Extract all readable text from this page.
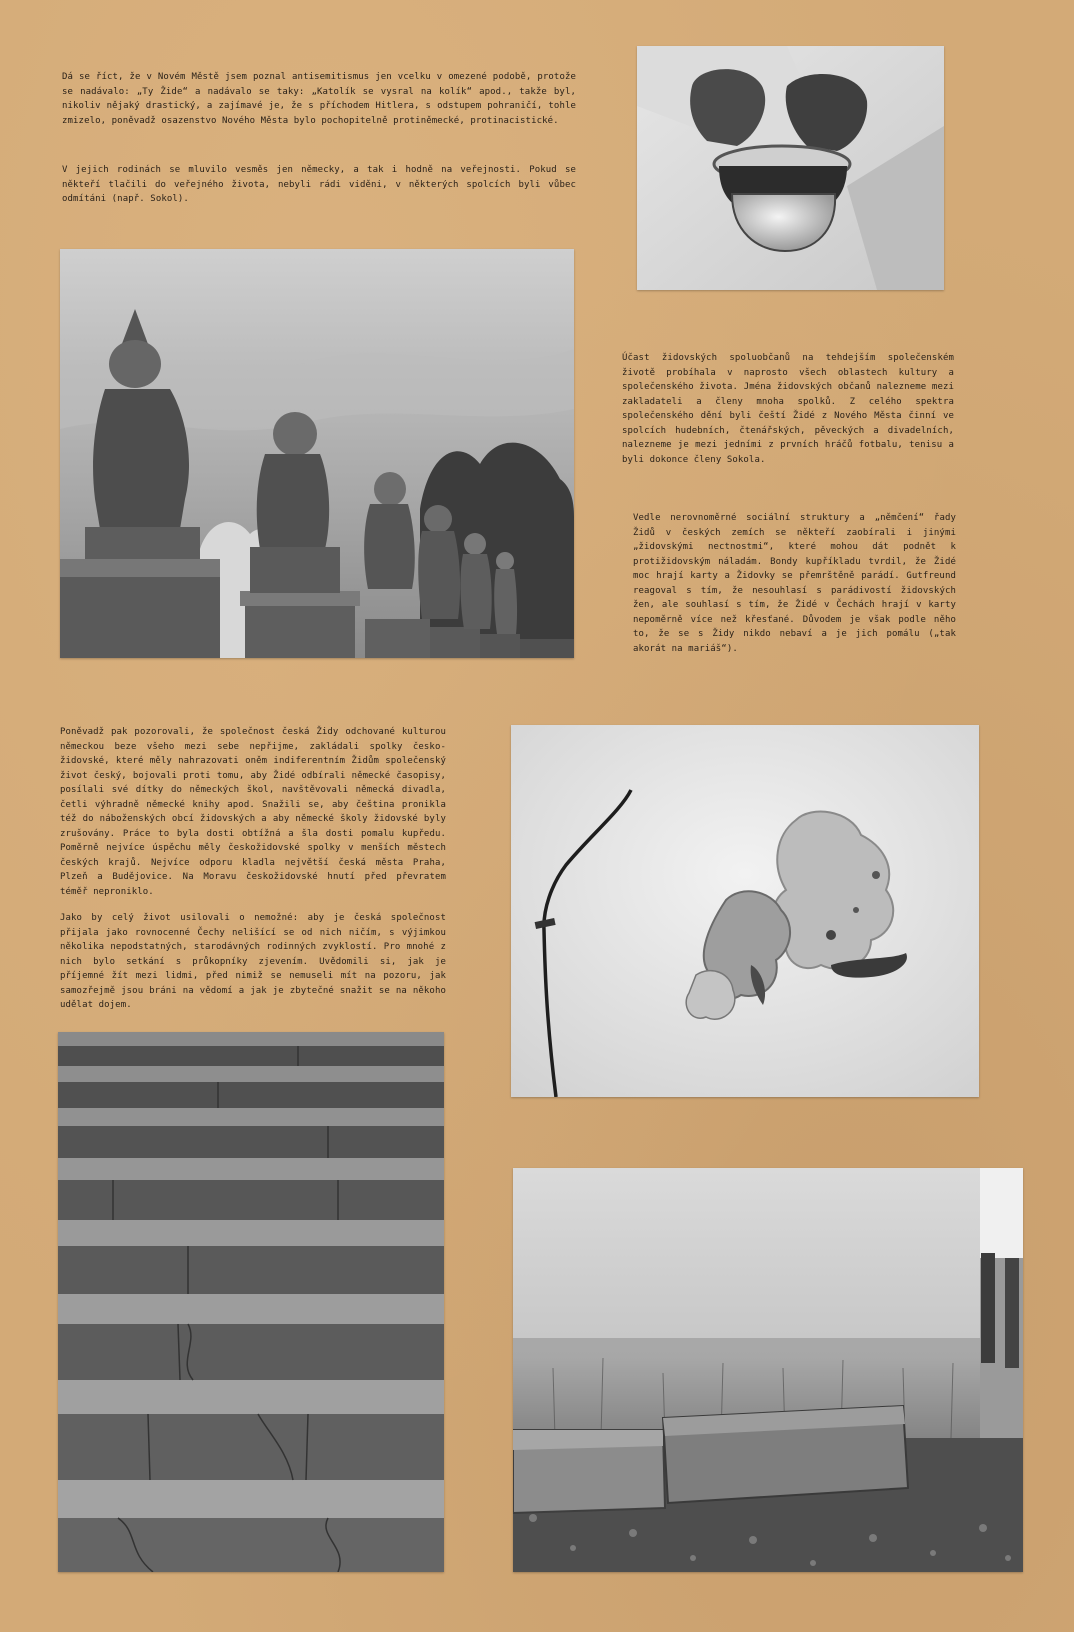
Dá se říct, že v Novém Městě jsem poznal antisemitismus jen vcelku v omezené podobě, protože se nadávalo: „Ty Žide“ a nadávalo se taky: „Katolík se vysral na kolík“ apod., takže byl, nikoliv nějaký drastický, a zajímavé je, že s příchodem Hitlera, s odstupem pohraničí, tohle zmizelo, poněvadž osazenstvo Nového Města bylo pochopitelně protiněmecké, protinacistické.
V jejich rodinách se mluvilo vesměs jen německy, a tak i hodně na veřejnosti. Pokud se někteří tlačili do veřejného života, nebyli rádi viděni, v některých spolcích byli vůbec odmítáni (např. Sokol).
Účast židovských spoluobčanů na tehdejším společenském životě probíhala v naprosto všech oblastech kultury a společenského života. Jména židovských občanů nalezneme mezi zakladateli a členy mnoha spolků. Z celého spektra společenského dění byli čeští Židé z Nového Města činní ve spolcích hudebních, čtenářských, pěveckých a divadelních, nalezneme je mezi jedními z prvních hráčů fotbalu, tenisu a byli dokonce členy Sokola.
Vedle nerovnoměrné sociální struktury a „němčení“ řady Židů v českých zemích se někteří zaobírali i jinými „židovskými nectnostmi“, které mohou dát podnět k protižidovským náladám. Bondy kupříkladu tvrdil, že Židé moc hrají karty a Židovky se přemrštěně parádí. Gutfreund reagoval s tím, že nesouhlasí s parádivostí židovských žen, ale souhlasí s tím, že Židé v Čechách hrají v karty nepoměrně více než křesťané. Důvodem je však podle něho to, že se s Židy nikdo nebaví a je jich pomálu („tak akorát na mariáš“).
Poněvadž pak pozorovali, že společnost česká Židy odchované kulturou německou beze všeho mezi sebe nepřijme, zakládali spolky česko-židovské, které měly nahrazovati oněm indiferentním Židům společenský život český, bojovali proti tomu, aby Židé odbírali německé časopisy, posílali své dítky do německých škol, navštěvovali německá divadla, četli výhradně německé knihy apod. Snažili se, aby čeština pronikla též do náboženských obcí židovských a aby německé školy židovské byly zrušovány. Práce to byla dosti obtížná a šla dosti pomalu kupředu. Poměrně nejvíce úspěchu měly českožidovské spolky v menších městech českých krajů. Nejvíce odporu kladla největší česká města Praha, Plzeň a Budějovice. Na Moravu českožidovské hnutí před převratem téměř neproniklo.
Jako by celý život usilovali o nemožné: aby je česká společnost přijala jako rovnocenné Čechy nelišící se od nich ničím, s výjimkou několika nepodstatných, starodávných rodinných zvyklostí. Pro mnohé z nich bylo setkání s průkopníky zjevením. Uvědomili si, jak je příjemné žít mezi lidmi, před nimiž se nemuseli mít na pozoru, jak samozřejmě jsou bráni na vědomí a jak je zbytečné snažit se na někoho udělat dojem.
